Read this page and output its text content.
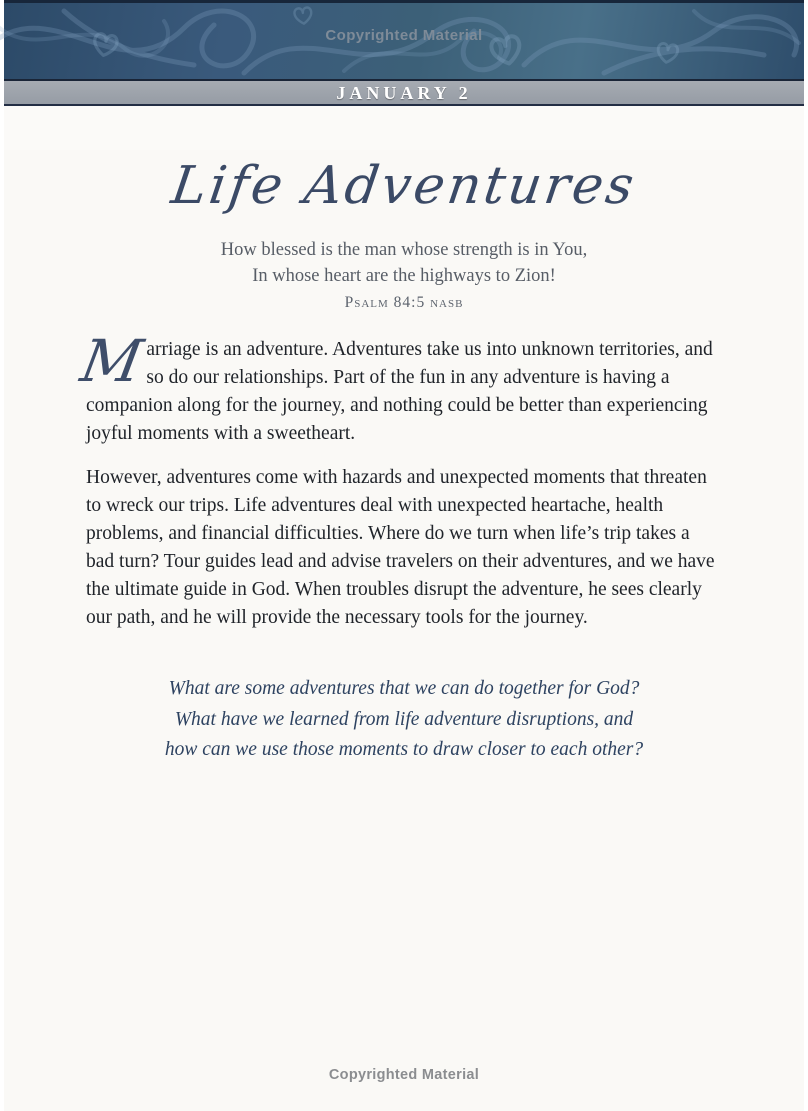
Copyrighted Material
JANUARY 2
Life Adventures
How blessed is the man whose strength is in You,
In whose heart are the highways to Zion!
Psalm 84:5 nasb

Marriage is an adventure. Adventures take us into unknown territories, and so do our relationships. Part of the fun in any adventure is having a companion along for the journey, and nothing could be better than experiencing joyful moments with a sweetheart.

However, adventures come with hazards and unexpected moments that threaten to wreck our trips. Life adventures deal with unexpected heartache, health problems, and financial difficulties. Where do we turn when life’s trip takes a bad turn? Tour guides lead and advise travelers on their adventures, and we have the ultimate guide in God. When troubles disrupt the adventure, he sees clearly our path, and he will provide the necessary tools for the journey.

What are some adventures that we can do together for God?
What have we learned from life adventure disruptions, and
how can we use those moments to draw closer to each other?
Copyrighted Material
